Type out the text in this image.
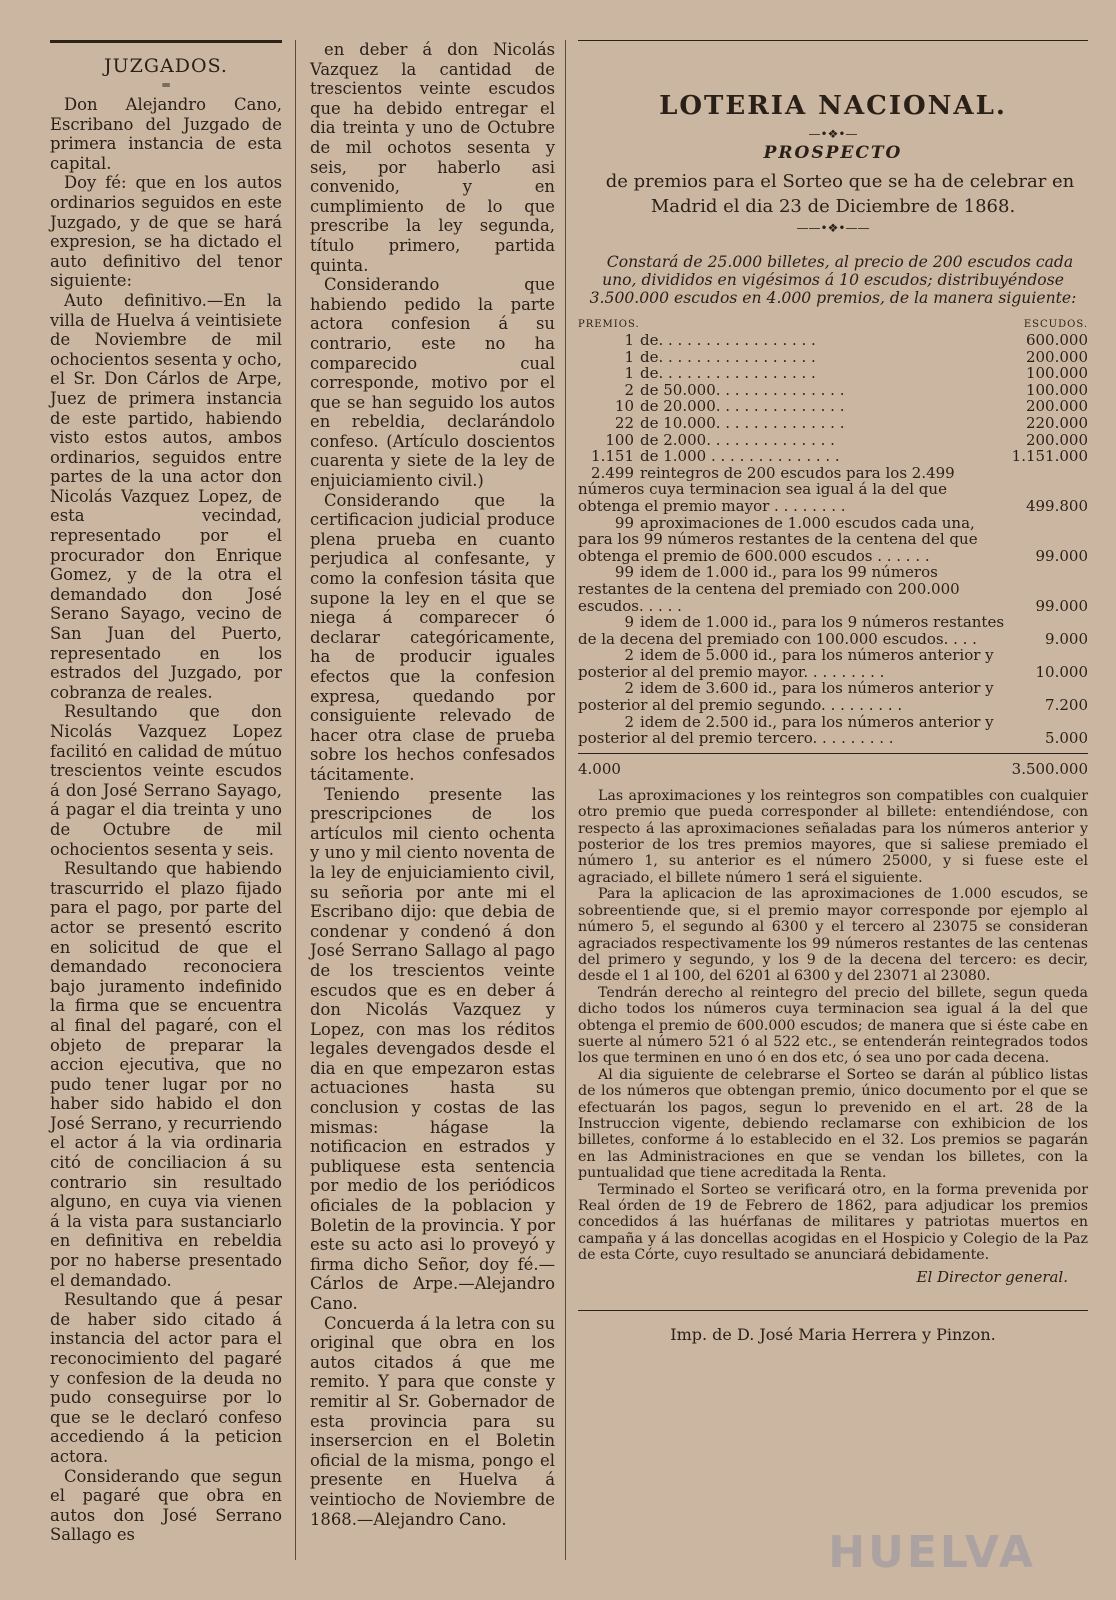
JUZGADOS.
═

Don Alejandro Cano, Escribano del Juzgado de primera instancia de esta capital.

Doy fé: que en los autos ordinarios seguidos en este Juzgado, y de que se hará expresion, se ha dictado el auto definitivo del tenor siguiente:

Auto definitivo.—En la villa de Huelva á veintisiete de Noviembre de mil ochocientos sesenta y ocho, el Sr. Don Cárlos de Arpe, Juez de primera instancia de este partido, habiendo visto estos autos, ambos ordinarios, seguidos entre partes de la una actor don Nicolás Vazquez Lopez, de esta vecindad, representado por el procurador don Enrique Gomez, y de la otra el demandado don José Serano Sayago, vecino de San Juan del Puerto, representado en los estrados del Juzgado, por cobranza de reales.

Resultando que don Nicolás Vazquez Lopez facilitó en calidad de mútuo trescientos veinte escudos á don José Serrano Sayago, á pagar el dia treinta y uno de Octubre de mil ochocientos sesenta y seis.

Resultando que habiendo trascurrido el plazo fijado para el pago, por parte del actor se presentó escrito en solicitud de que el demandado reconociera bajo juramento indefinido la firma que se encuentra al final del pagaré, con el objeto de preparar la accion ejecutiva, que no pudo tener lugar por no haber sido habido el don José Serrano, y recurriendo el actor á la via ordinaria citó de conciliacion á su contrario sin resultado alguno, en cuya via vienen á la vista para sustanciarlo en definitiva en rebeldia por no haberse presentado el demandado.

Resultando que á pesar de haber sido citado á instancia del actor para el reconocimiento del pagaré y confesion de la deuda no pudo conseguirse por lo que se le declaró confeso accediendo á la peticion actora.

Considerando que segun el pagaré que obra en autos don José Serrano Sallago es

en deber á don Nicolás Vazquez la cantidad de trescientos veinte escudos que ha debido entregar el dia treinta y uno de Octubre de mil ochotos sesenta y seis, por haberlo asi convenido, y en cumplimiento de lo que prescribe la ley segunda, título primero, partida quinta.

Considerando que habiendo pedido la parte actora confesion á su contrario, este no ha comparecido cual corresponde, motivo por el que se han seguido los autos en rebeldia, declarándolo confeso. (Artículo doscientos cuarenta y siete de la ley de enjuiciamiento civil.)

Considerando que la certificacion judicial produce plena prueba en cuanto perjudica al confesante, y como la confesion tásita que supone la ley en el que se niega á comparecer ó declarar categóricamente, ha de producir iguales efectos que la confesion expresa, quedando por consiguiente relevado de hacer otra clase de prueba sobre los hechos confesados tácitamente.

Teniendo presente las prescripciones de los artículos mil ciento ochenta y uno y mil ciento noventa de la ley de enjuiciamiento civil, su señoria por ante mi el Escribano dijo: que debia de condenar y condenó á don José Serrano Sallago al pago de los trescientos veinte escudos que es en deber á don Nicolás Vazquez y Lopez, con mas los réditos legales devengados desde el dia en que empezaron estas actuaciones hasta su conclusion y costas de las mismas: hágase la notificacion en estrados y publiquese esta sentencia por medio de los periódicos oficiales de la poblacion y Boletin de la provincia. Y por este su acto asi lo proveyó y firma dicho Señor, doy fé.—Cárlos de Arpe.—Alejandro Cano.

Concuerda á la letra con su original que obra en los autos citados á que me remito. Y para que conste y remitir al Sr. Gobernador de esta provincia para su insersercion en el Boletin oficial de la misma, pongo el presente en Huelva á veintiocho de Noviembre de 1868.—Alejandro Cano.

LOTERIA NACIONAL.
—•❖•—
PROSPECTO

de premios para el Sorteo que se ha de celebrar en Madrid el dia 23 de Diciembre de 1868.

——•❖•——

Constará de 25.000 billetes, al precio de 200 escudos cada uno, divididos en vigésimos á 10 escudos; distribuyéndose 3.500.000 escudos en 4.000 premios, de la manera siguiente:

PREMIOS.	ESCUDOS.
1 de. . . . . . . . . . . . . . . . .	600.000
1 de. . . . . . . . . . . . . . . . .	200.000
1 de. . . . . . . . . . . . . . . . .	100.000
2 de 50.000. . . . . . . . . . . . . .	100.000
10 de 20.000. . . . . . . . . . . . . .	200.000
22 de 10.000. . . . . . . . . . . . . .	220.000
100 de 2.000. . . . . . . . . . . . . .	200.000
1.151 de 1.000 . . . . . . . . . . . . . .	1.151.000
2.499 reintegros de 200 escudos para los 2.499 números cuya terminacion sea igual á la del que obtenga el premio mayor . . . . . . . .	499.800
99 aproximaciones de 1.000 escudos cada una, para los 99 números restantes de la centena del que obtenga el premio de 600.000 escudos . . . . . .	99.000
99 idem de 1.000 id., para los 99 números restantes de la centena del premiado con 200.000 escudos. . . . .	99.000
9 idem de 1.000 id., para los 9 números restantes de la decena del premiado con 100.000 escudos. . . .	9.000
2 idem de 5.000 id., para los números anterior y posterior al del premio mayor. . . . . . . . .	10.000
2 idem de 3.600 id., para los números anterior y posterior al del premio segundo. . . . . . . . .	7.200
2 idem de 2.500 id., para los números anterior y posterior al del premio tercero. . . . . . . . .	5.000
4.000	3.500.000

Las aproximaciones y los reintegros son compatibles con cualquier otro premio que pueda corresponder al billete: entendiéndose, con respecto á las aproximaciones señaladas para los números anterior y posterior de los tres premios mayores, que si saliese premiado el número 1, su anterior es el número 25000, y si fuese este el agraciado, el billete número 1 será el siguiente.

Para la aplicacion de las aproximaciones de 1.000 escudos, se sobreentiende que, si el premio mayor corresponde por ejemplo al número 5, el segundo al 6300 y el tercero al 23075 se consideran agraciados respectivamente los 99 números restantes de las centenas del primero y segundo, y los 9 de la decena del tercero: es decir, desde el 1 al 100, del 6201 al 6300 y del 23071 al 23080.

Tendrán derecho al reintegro del precio del billete, segun queda dicho todos los números cuya terminacion sea igual á la del que obtenga el premio de 600.000 escudos; de manera que si éste cabe en suerte al número 521 ó al 522 etc., se entenderán reintegrados todos los que terminen en uno ó en dos etc, ó sea uno por cada decena.

Al dia siguiente de celebrarse el Sorteo se darán al público listas de los números que obtengan premio, único documento por el que se efectuarán los pagos, segun lo prevenido en el art. 28 de la Instruccion vigente, debiendo reclamarse con exhibicion de los billetes, conforme á lo establecido en el 32. Los premios se pagarán en las Administraciones en que se vendan los billetes, con la puntualidad que tiene acreditada la Renta.

Terminado el Sorteo se verificará otro, en la forma prevenida por Real órden de 19 de Febrero de 1862, para adjudicar los premios concedidos á las huérfanas de militares y patriotas muertos en campaña y á las doncellas acogidas en el Hospicio y Colegio de la Paz de esta Córte, cuyo resultado se anunciará debidamente.

El Director general.
Imp. de D. José Maria Herrera y Pinzon.
HUELVA
